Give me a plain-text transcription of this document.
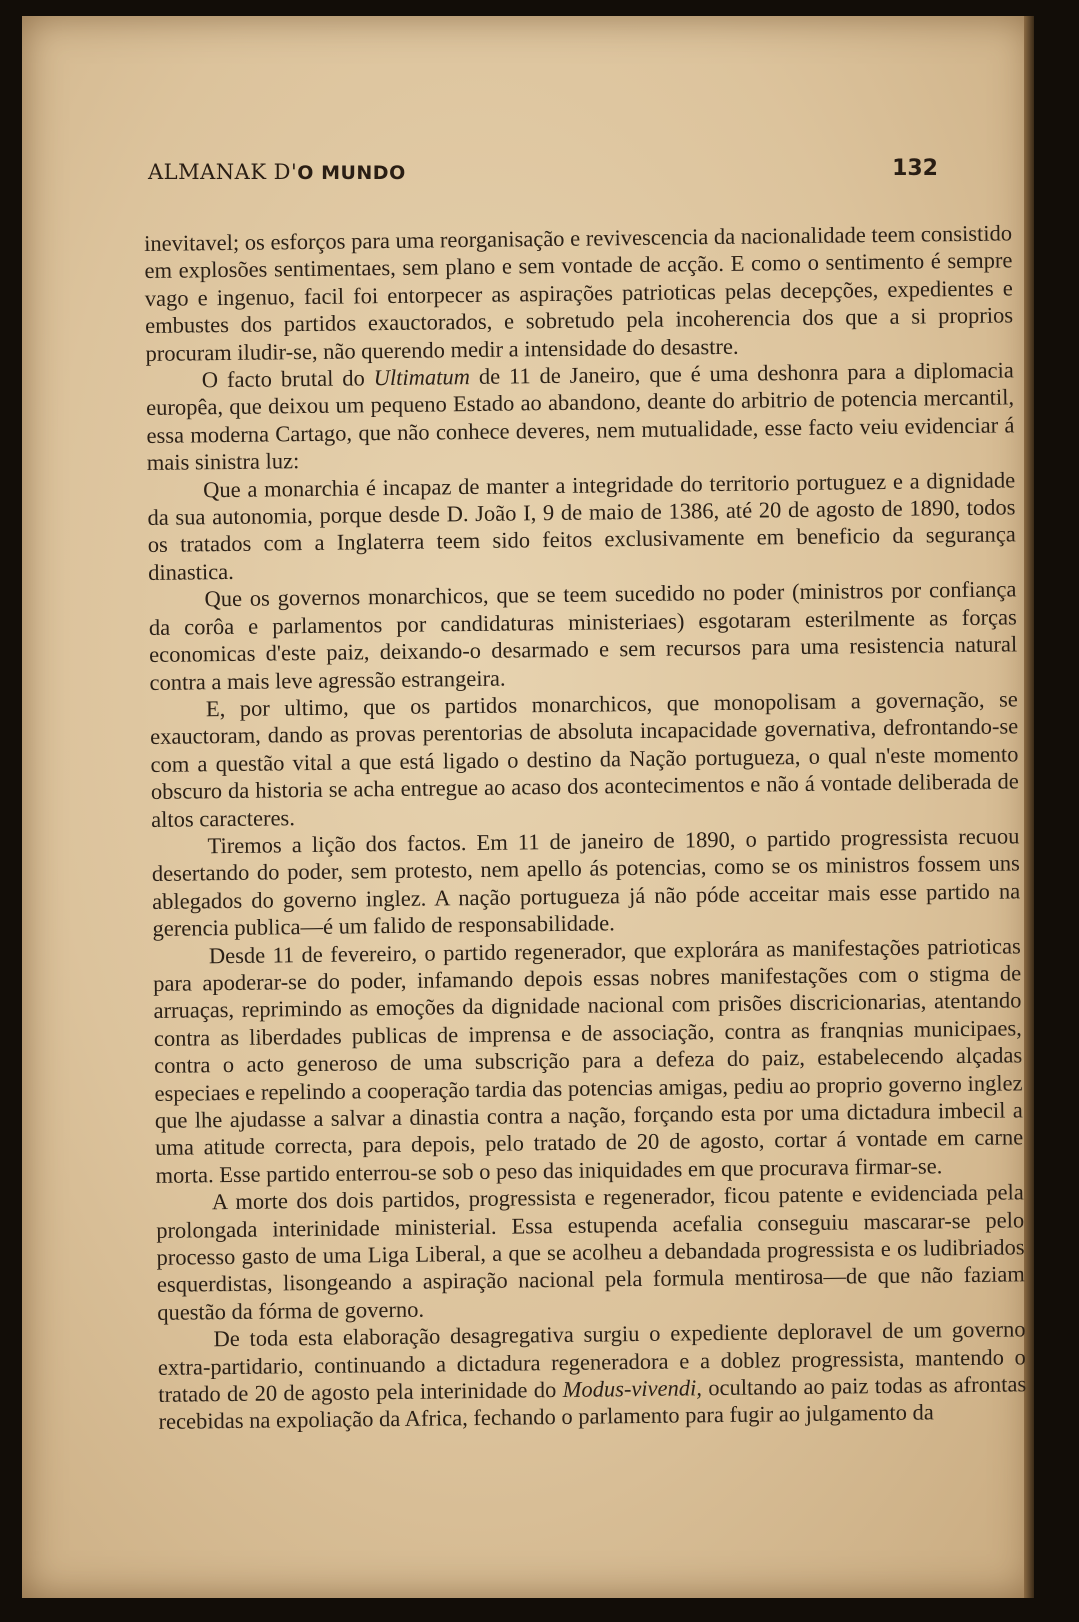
ALMANAK D'O MUNDO	132

inevitavel; os esforços para uma reorganisação e revivescencia da nacionalidade teem consistido em explosões sentimentaes, sem plano e sem vontade de acção. E como o sentimento é sempre vago e ingenuo, facil foi entorpecer as aspirações patrioticas pelas decepções, expedientes e embustes dos partidos exauctorados, e sobretudo pela incoherencia dos que a si proprios procuram iludir-se, não querendo medir a intensidade do desastre.

O facto brutal do Ultimatum de 11 de Janeiro, que é uma deshonra para a diplomacia europêa, que deixou um pequeno Estado ao abandono, deante do arbitrio de potencia mercantil, essa moderna Cartago, que não conhece deveres, nem mutualidade, esse facto veiu evidenciar á mais sinistra luz:

Que a monarchia é incapaz de manter a integridade do territorio portuguez e a dignidade da sua autonomia, porque desde D. João I, 9 de maio de 1386, até 20 de agosto de 1890, todos os tratados com a Inglaterra teem sido feitos exclusivamente em beneficio da segurança dinastica.

Que os governos monarchicos, que se teem sucedido no poder (ministros por confiança da corôa e parlamentos por candidaturas ministeriaes) esgotaram esterilmente as forças economicas d'este paiz, deixando-o desarmado e sem recursos para uma resistencia natural contra a mais leve agressão estrangeira.

E, por ultimo, que os partidos monarchicos, que monopolisam a governação, se exauctoram, dando as provas perentorias de absoluta incapacidade governativa, defrontando-se com a questão vital a que está ligado o destino da Nação portugueza, o qual n'este momento obscuro da historia se acha entregue ao acaso dos acontecimentos e não á vontade deliberada de altos caracteres.

Tiremos a lição dos factos. Em 11 de janeiro de 1890, o partido progressista recuou desertando do poder, sem protesto, nem apello ás potencias, como se os ministros fossem uns ablegados do governo inglez. A nação portugueza já não póde acceitar mais esse partido na gerencia publica—é um falido de responsabilidade.

Desde 11 de fevereiro, o partido regenerador, que explorára as manifestações patrioticas para apoderar-se do poder, infamando depois essas nobres manifestações com o stigma de arruaças, reprimindo as emoções da dignidade nacional com prisões discricionarias, atentando contra as liberdades publicas de imprensa e de associação, contra as franqnias municipaes, contra o acto generoso de uma subscrição para a defeza do paiz, estabelecendo alçadas especiaes e repelindo a cooperação tardia das potencias amigas, pediu ao proprio governo inglez que lhe ajudasse a salvar a dinastia contra a nação, forçando esta por uma dictadura imbecil a uma atitude correcta, para depois, pelo tratado de 20 de agosto, cortar á vontade em carne morta. Esse partido enterrou-se sob o peso das iniquidades em que procurava firmar-se.

A morte dos dois partidos, progressista e regenerador, ficou patente e evidenciada pela prolongada interinidade ministerial. Essa estupenda acefalia conseguiu mascarar-se pelo processo gasto de uma Liga Liberal, a que se acolheu a debandada progressista e os ludibriados esquerdistas, lisongeando a aspiração nacional pela formula mentirosa—de que não faziam questão da fórma de governo.

De toda esta elaboração desagregativa surgiu o expediente deploravel de um governo extra-partidario, continuando a dictadura regeneradora e a doblez progressista, mantendo o tratado de 20 de agosto pela interinidade do Modus-vivendi, ocultando ao paiz todas as afrontas recebidas na expoliação da Africa, fechando o parlamento para fugir ao julgamento da
